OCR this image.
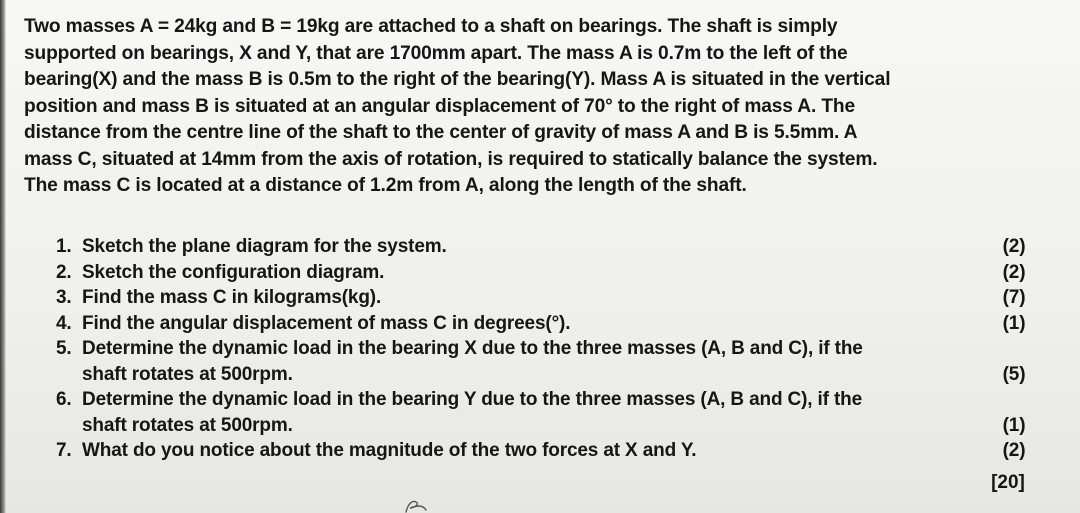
Two masses A = 24kg and B = 19kg are attached to a shaft on bearings. The shaft is simply
supported on bearings, X and Y, that are 1700mm apart. The mass A is 0.7m to the left of the
bearing(X) and the mass B is 0.5m to the right of the bearing(Y). Mass A is situated in the vertical
position and mass B is situated at an angular displacement of 70° to the right of mass A. The
distance from the centre line of the shaft to the center of gravity of mass A and B is 5.5mm. A
mass C, situated at 14mm from the axis of rotation, is required to statically balance the system.
The mass C is located at a distance of 1.2m from A, along the length of the shaft.
1. Sketch the plane diagram for the system.	(2)
2. Sketch the configuration diagram.	(2)
3. Find the mass C in kilograms(kg).	(7)
4. Find the angular displacement of mass C in degrees(°).	(1)
5. Determine the dynamic load in the bearing X due to the three masses (A, B and C), if the
shaft rotates at 500rpm.	(5)
6. Determine the dynamic load in the bearing Y due to the three masses (A, B and C), if the
shaft rotates at 500rpm.	(1)
7. What do you notice about the magnitude of the two forces at X and Y.	(2)
[20]
